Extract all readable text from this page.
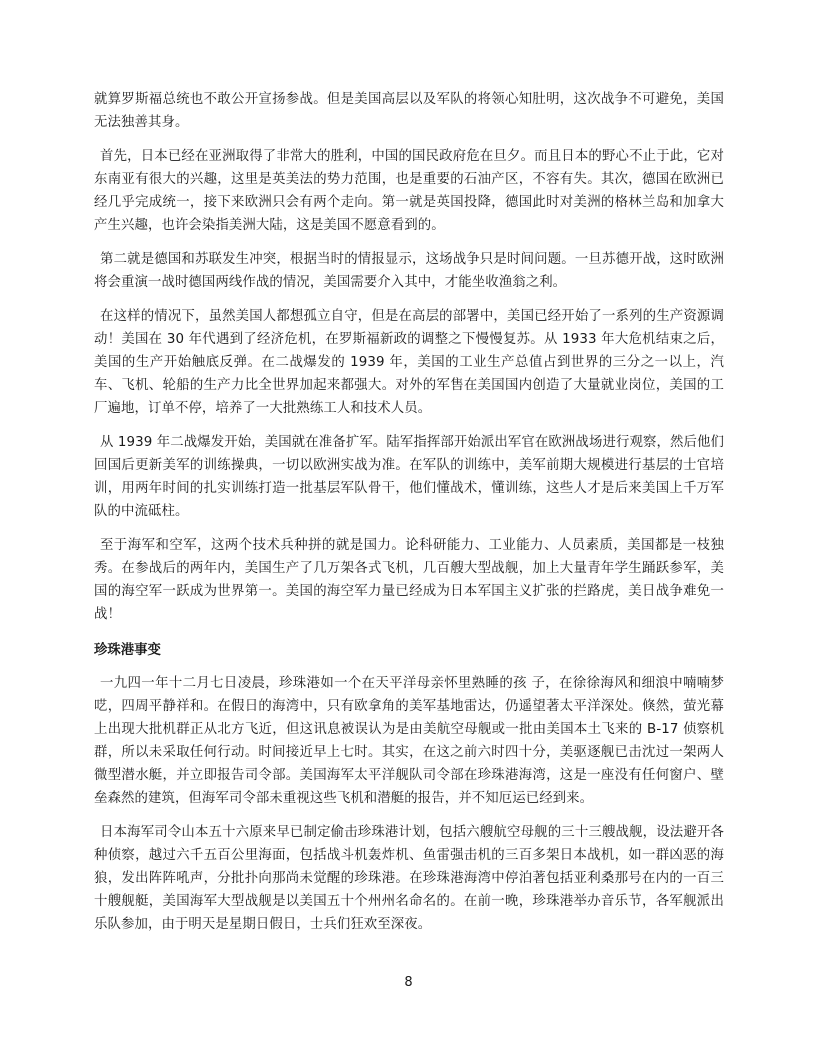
就算罗斯福总统也不敢公开宣扬参战。但是美国高层以及军队的将领心知肚明，这次战争不可避免，美国无法独善其身。

首先，日本已经在亚洲取得了非常大的胜利，中国的国民政府危在旦夕。而且日本的野心不止于此，它对东南亚有很大的兴趣，这里是英美法的势力范围，也是重要的石油产区，不容有失。其次，德国在欧洲已经几乎完成统一，接下来欧洲只会有两个走向。第一就是英国投降，德国此时对美洲的格林兰岛和加拿大产生兴趣，也许会染指美洲大陆，这是美国不愿意看到的。

第二就是德国和苏联发生冲突，根据当时的情报显示，这场战争只是时间问题。一旦苏德开战，这时欧洲将会重演一战时德国两线作战的情况，美国需要介入其中，才能坐收渔翁之利。

在这样的情况下，虽然美国人都想孤立自守，但是在高层的部署中，美国已经开始了一系列的生产资源调动！美国在 30 年代遇到了经济危机，在罗斯福新政的调整之下慢慢复苏。从 1933 年大危机结束之后，美国的生产开始触底反弹。在二战爆发的 1939 年，美国的工业生产总值占到世界的三分之一以上，汽车、飞机、轮船的生产力比全世界加起来都强大。对外的军售在美国国内创造了大量就业岗位，美国的工厂遍地，订单不停，培养了一大批熟练工人和技术人员。

从 1939 年二战爆发开始，美国就在准备扩军。陆军指挥部开始派出军官在欧洲战场进行观察，然后他们回国后更新美军的训练操典，一切以欧洲实战为准。在军队的训练中，美军前期大规模进行基层的士官培训，用两年时间的扎实训练打造一批基层军队骨干，他们懂战术，懂训练，这些人才是后来美国上千万军队的中流砥柱。

至于海军和空军，这两个技术兵种拼的就是国力。论科研能力、工业能力、人员素质，美国都是一枝独秀。在参战后的两年内，美国生产了几万架各式飞机，几百艘大型战舰，加上大量青年学生踊跃参军，美国的海空军一跃成为世界第一。美国的海空军力量已经成为日本军国主义扩张的拦路虎，美日战争难免一战！

珍珠港事变

一九四一年十二月七日凌晨，珍珠港如一个在天平洋母亲怀里熟睡的孩 子，在徐徐海风和细浪中喃喃梦呓，四周平静祥和。在假日的海湾中，只有欧拿角的美军基地雷达，仍遥望著太平洋深处。倏然，萤光幕上出现大批机群正从北方飞近，但这讯息被误认为是由美航空母舰或一批由美国本土飞来的 B-17 侦察机群，所以未采取任何行动。时间接近早上七时。其实，在这之前六时四十分，美驱逐舰已击沈过一架两人微型潜水艇，并立即报告司令部。美国海军太平洋舰队司令部在珍珠港海湾，这是一座没有任何窗户、壁垒森然的建筑，但海军司令部未重视这些飞机和潜艇的报告，并不知厄运已经到来。

日本海军司令山本五十六原来早已制定偷击珍珠港计划，包括六艘航空母舰的三十三艘战舰，设法避开各种侦察，越过六千五百公里海面，包括战斗机轰炸机、鱼雷强击机的三百多架日本战机，如一群凶恶的海狼，发出阵阵吼声，分批扑向那尚未觉醒的珍珠港。在珍珠港海湾中停泊著包括亚利桑那号在内的一百三十艘舰艇，美国海军大型战舰是以美国五十个州州名命名的。在前一晚，珍珠港举办音乐节，各军舰派出乐队参加，由于明天是星期日假日，士兵们狂欢至深夜。

8
